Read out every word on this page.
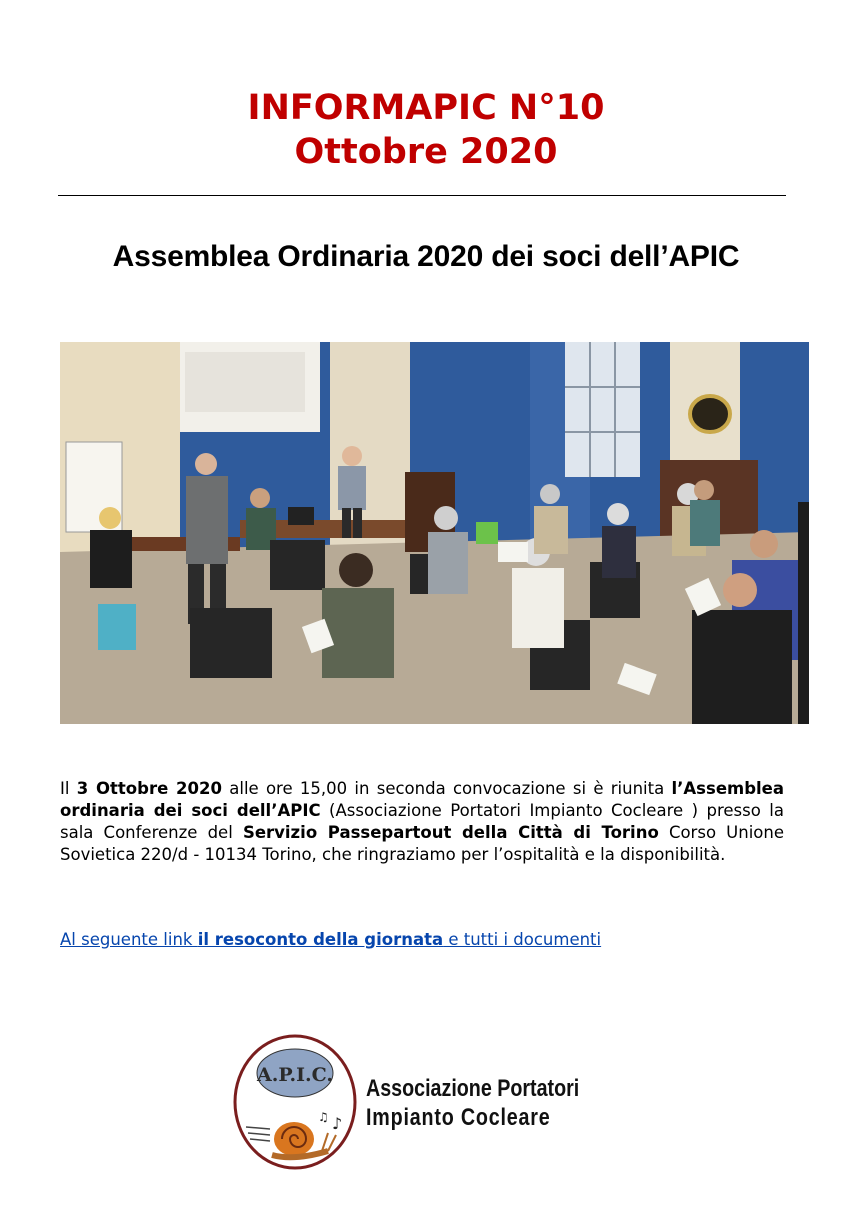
INFORMAPIC N°10
Ottobre 2020
Assemblea Ordinaria 2020 dei soci dell’APIC
Il 3 Ottobre 2020 alle ore 15,00 in seconda convocazione si è riunita l’Assemblea ordinaria dei soci dell’APIC (Associazione Portatori Impianto Cocleare ) presso la sala Conferenze del Servizio Passepartout della Città di Torino Corso Unione Sovietica 220/d - 10134 Torino, che ringraziamo per l’ospitalità e la disponibilità.
Al seguente link il resoconto della giornata e tutti i documenti
A.P.I.C.
♪
♫
Associazione Portatori
Impianto Cocleare
